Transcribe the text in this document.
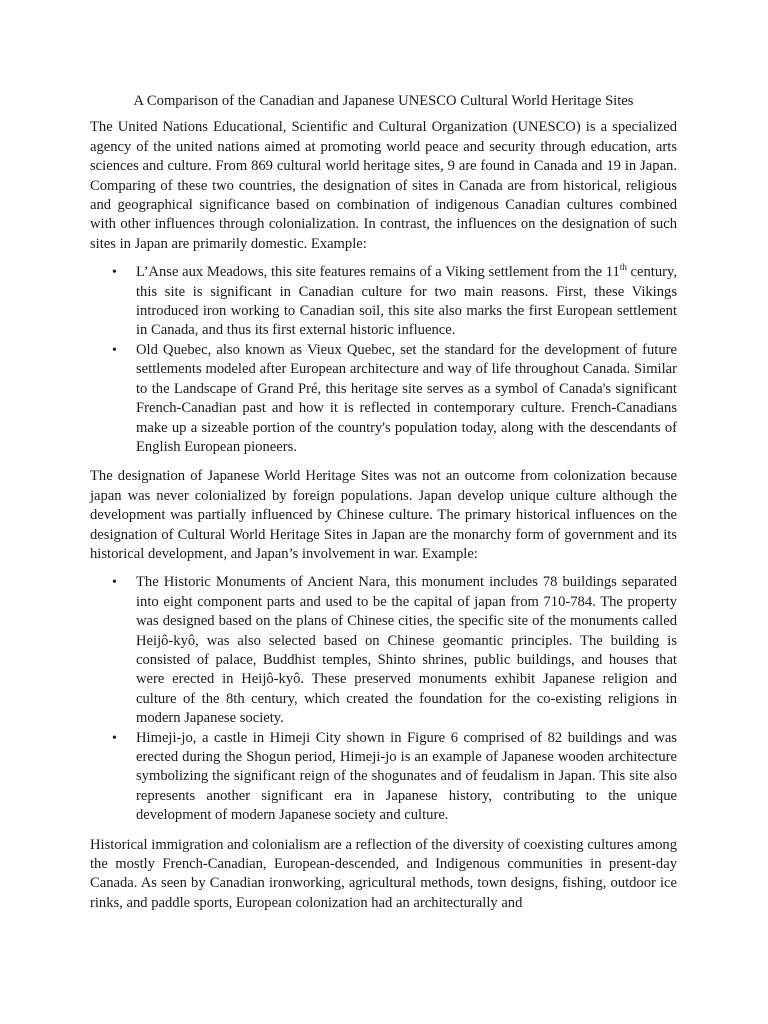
A Comparison of the Canadian and Japanese UNESCO Cultural World Heritage Sites

The United Nations Educational, Scientific and Cultural Organization (UNESCO) is a specialized agency of the united nations aimed at promoting world peace and security through education, arts sciences and culture. From 869 cultural world heritage sites, 9 are found in Canada and 19 in Japan. Comparing of these two countries, the designation of sites in Canada are from historical, religious and geographical significance based on combination of indigenous Canadian cultures combined with other influences through colonialization. In contrast, the influences on the designation of such sites in Japan are primarily domestic. Example:

• L’Anse aux Meadows, this site features remains of a Viking settlement from the 11th century, this site is significant in Canadian culture for two main reasons. First, these Vikings introduced iron working to Canadian soil, this site also marks the first European settlement in Canada, and thus its first external historic influence.
• Old Quebec, also known as Vieux Quebec, set the standard for the development of future settlements modeled after European architecture and way of life throughout Canada. Similar to the Landscape of Grand Pré, this heritage site serves as a symbol of Canada's significant French-Canadian past and how it is reflected in contemporary culture. French-Canadians make up a sizeable portion of the country's population today, along with the descendants of English European pioneers.

The designation of Japanese World Heritage Sites was not an outcome from colonization because japan was never colonialized by foreign populations. Japan develop unique culture although the development was partially influenced by Chinese culture. The primary historical influences on the designation of Cultural World Heritage Sites in Japan are the monarchy form of government and its historical development, and Japan’s involvement in war. Example:

• The Historic Monuments of Ancient Nara, this monument includes 78 buildings separated into eight component parts and used to be the capital of japan from 710-784. The property was designed based on the plans of Chinese cities, the specific site of the monuments called Heijô-kyô, was also selected based on Chinese geomantic principles. The building is consisted of palace, Buddhist temples, Shinto shrines, public buildings, and houses that were erected in Heijô-kyô. These preserved monuments exhibit Japanese religion and culture of the 8th century, which created the foundation for the co-existing religions in modern Japanese society.
• Himeji-jo, a castle in Himeji City shown in Figure 6 comprised of 82 buildings and was erected during the Shogun period, Himeji-jo is an example of Japanese wooden architecture symbolizing the significant reign of the shogunates and of feudalism in Japan. This site also represents another significant era in Japanese history, contributing to the unique development of modern Japanese society and culture.

Historical immigration and colonialism are a reflection of the diversity of coexisting cultures among the mostly French-Canadian, European-descended, and Indigenous communities in present-day Canada. As seen by Canadian ironworking, agricultural methods, town designs, fishing, outdoor ice rinks, and paddle sports, European colonization had an architecturally and
